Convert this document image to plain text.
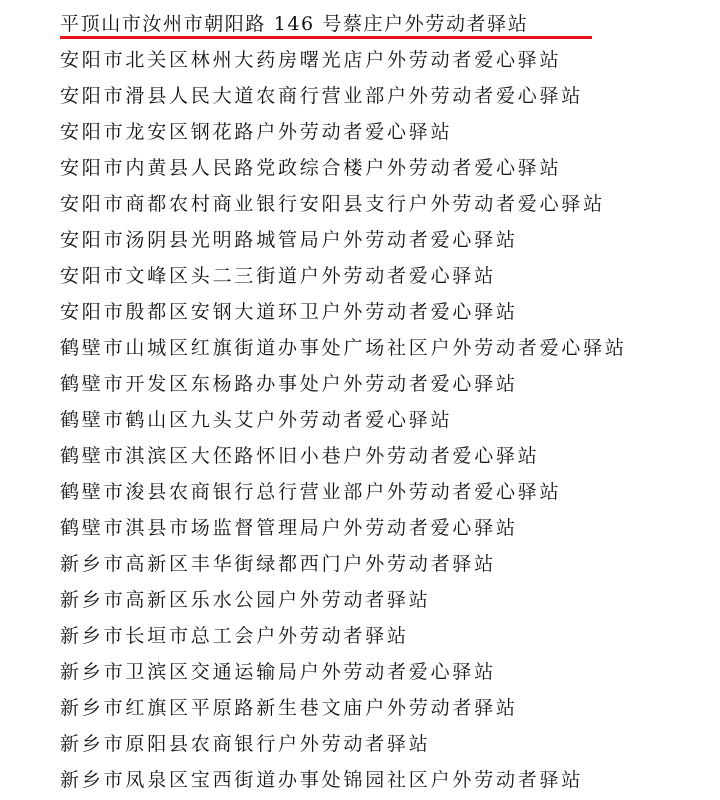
平顶山市汝州市朝阳路 146 号蔡庄户外劳动者驿站
安阳市北关区林州大药房曙光店户外劳动者爱心驿站
安阳市滑县人民大道农商行营业部户外劳动者爱心驿站
安阳市龙安区钢花路户外劳动者爱心驿站
安阳市内黄县人民路党政综合楼户外劳动者爱心驿站
安阳市商都农村商业银行安阳县支行户外劳动者爱心驿站
安阳市汤阴县光明路城管局户外劳动者爱心驿站
安阳市文峰区头二三街道户外劳动者爱心驿站
安阳市殷都区安钢大道环卫户外劳动者爱心驿站
鹤壁市山城区红旗街道办事处广场社区户外劳动者爱心驿站
鹤壁市开发区东杨路办事处户外劳动者爱心驿站
鹤壁市鹤山区九头艾户外劳动者爱心驿站
鹤壁市淇滨区大伾路怀旧小巷户外劳动者爱心驿站
鹤壁市浚县农商银行总行营业部户外劳动者爱心驿站
鹤壁市淇县市场监督管理局户外劳动者爱心驿站
新乡市高新区丰华街绿都西门户外劳动者驿站
新乡市高新区乐水公园户外劳动者驿站
新乡市长垣市总工会户外劳动者驿站
新乡市卫滨区交通运输局户外劳动者爱心驿站
新乡市红旗区平原路新生巷文庙户外劳动者驿站
新乡市原阳县农商银行户外劳动者驿站
新乡市凤泉区宝西街道办事处锦园社区户外劳动者驿站
